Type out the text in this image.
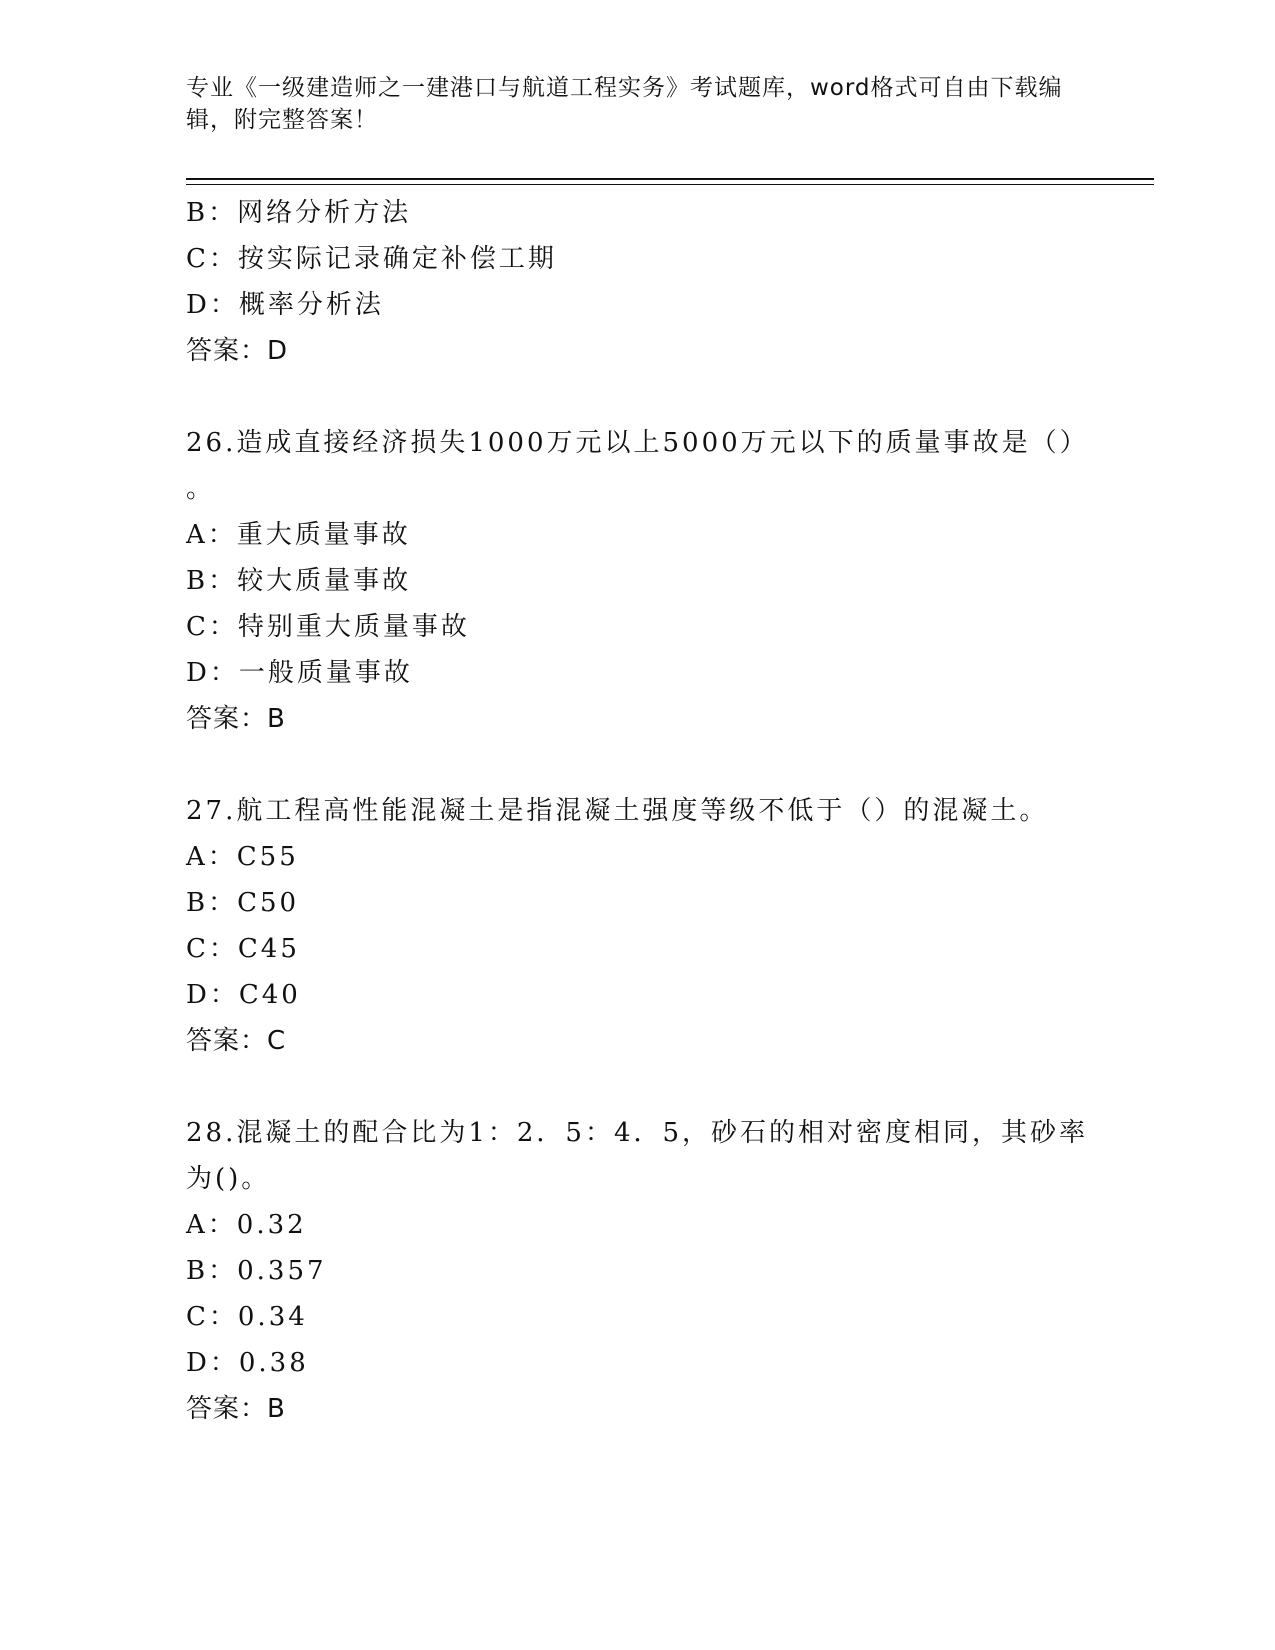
专业《一级建造师之一建港口与航道工程实务》考试题库，word格式可自由下载编辑，附完整答案！
B：网络分析方法
C：按实际记录确定补偿工期
D：概率分析法
答案：D
26.造成直接经济损失1000万元以上5000万元以下的质量事故是（）
。
A：重大质量事故
B：较大质量事故
C：特别重大质量事故
D：一般质量事故
答案：B
27.航工程高性能混凝土是指混凝土强度等级不低于（）的混凝土。
A：C55
B：C50
C：C45
D：C40
答案：C
28.混凝土的配合比为1：2．5：4．5，砂石的相对密度相同，其砂率
为()。
A：0.32
B：0.357
C：0.34
D：0.38
答案：B
